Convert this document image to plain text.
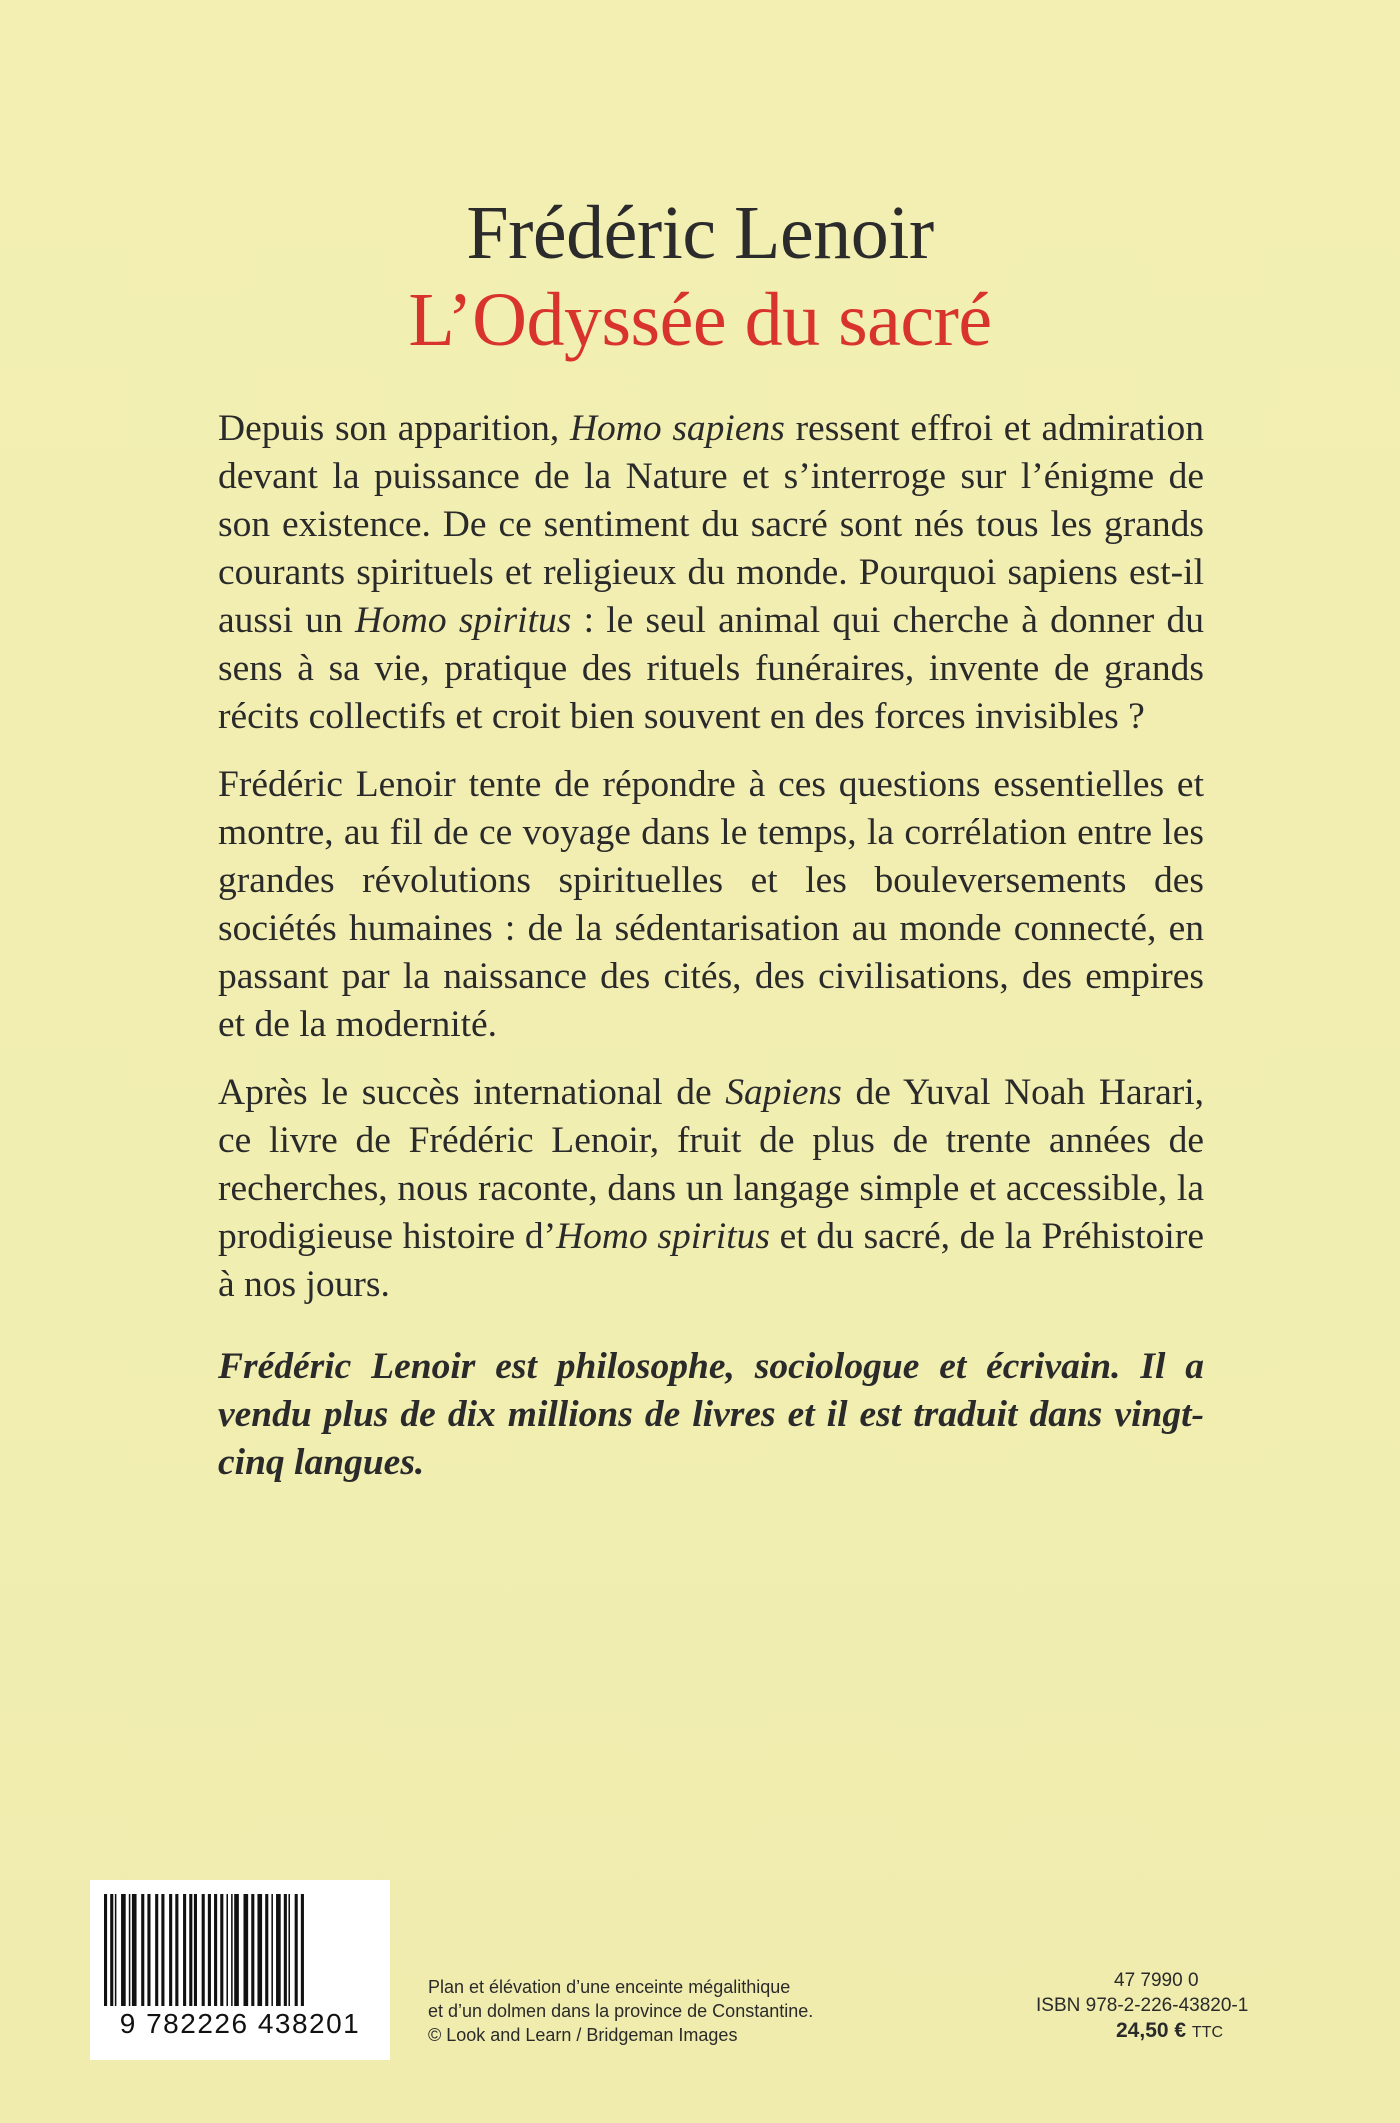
Frédéric Lenoir
L’Odyssée du sacré

Depuis son apparition, Homo sapiens ressent effroi et admiration devant la puissance de la Nature et s’interroge sur l’énigme de son existence. De ce sentiment du sacré sont nés tous les grands courants spirituels et religieux du monde. Pourquoi sapiens est-il aussi un Homo spiritus : le seul animal qui cherche à donner du sens à sa vie, pratique des rituels funéraires, invente de grands récits collectifs et croit bien souvent en des forces invisibles ?

Frédéric Lenoir tente de répondre à ces questions essentielles et montre, au fil de ce voyage dans le temps, la corrélation entre les grandes révolutions spirituelles et les bouleversements des sociétés humaines : de la sédentarisation au monde connecté, en passant par la naissance des cités, des civilisations, des empires et de la modernité.

Après le succès international de Sapiens de Yuval Noah Harari, ce livre de Frédéric Lenoir, fruit de plus de trente années de recherches, nous raconte, dans un langage simple et accessible, la prodigieuse histoire d’Homo spiritus et du sacré, de la Préhistoire à nos jours.

Frédéric Lenoir est philosophe, sociologue et écrivain. Il a vendu plus de dix millions de livres et il est traduit dans vingt-cinq langues.

9 782226 438201
Plan et élévation d’une enceinte mégalithique
et d’un dolmen dans la province de Constantine.
© Look and Learn / Bridgeman Images
47 7990 0
ISBN 978-2-226-43820-1
24,50 € TTC
